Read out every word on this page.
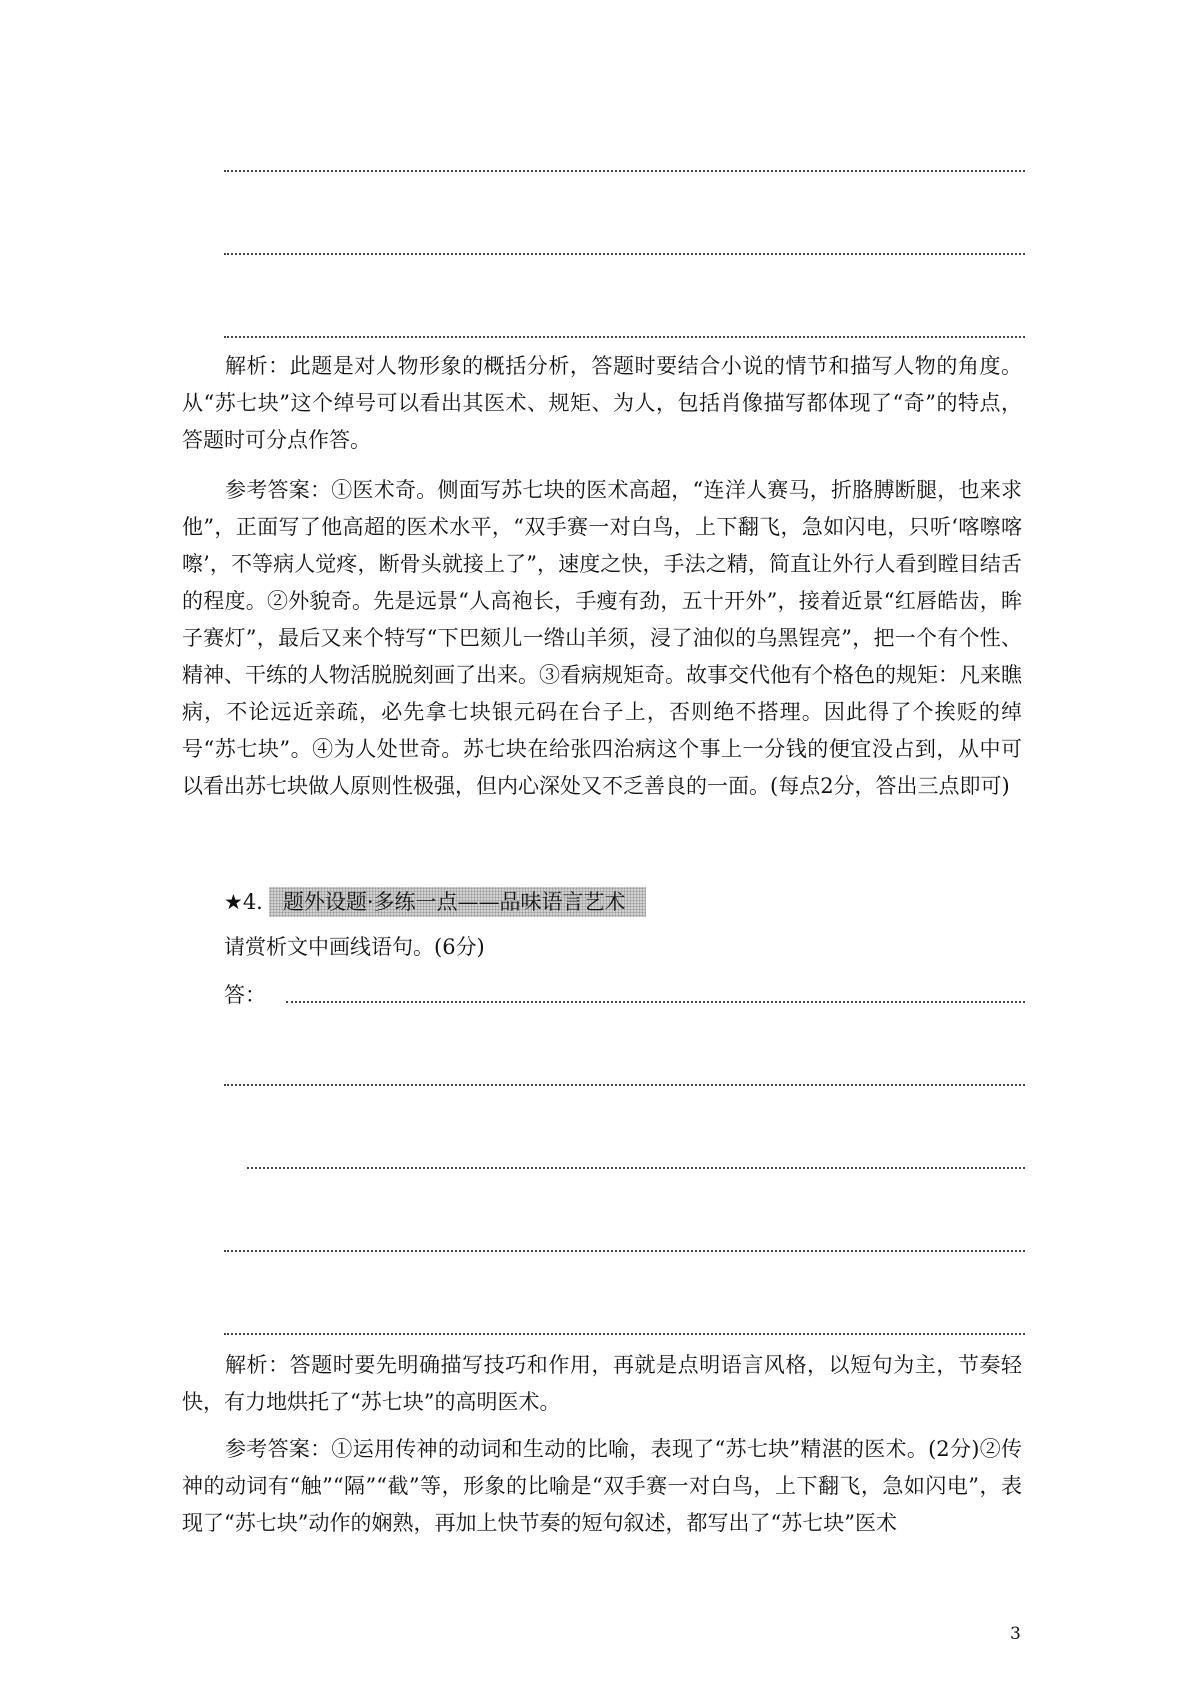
解析：此题是对人物形象的概括分析，答题时要结合小说的情节和描写人物的角度。从“苏七块”这个绰号可以看出其医术、规矩、为人，包括肖像描写都体现了“奇”的特点，答题时可分点作答。

参考答案：①医术奇。侧面写苏七块的医术高超，“连洋人赛马，折胳膊断腿，也来求他”，正面写了他高超的医术水平，“双手赛一对白鸟，上下翻飞，急如闪电，只听‘喀嚓喀嚓’，不等病人觉疼，断骨头就接上了”，速度之快，手法之精，简直让外行人看到瞠目结舌的程度。②外貌奇。先是远景“人高袍长，手瘦有劲，五十开外”，接着近景“红唇皓齿，眸子赛灯”，最后又来个特写“下巴颏儿一绺山羊须，浸了油似的乌黑锃亮”，把一个有个性、精神、干练的人物活脱脱刻画了出来。③看病规矩奇。故事交代他有个格色的规矩：凡来瞧病，不论远近亲疏，必先拿七块银元码在台子上，否则绝不搭理。因此得了个挨贬的绰号“苏七块”。④为人处世奇。苏七块在给张四治病这个事上一分钱的便宜没占到，从中可以看出苏七块做人原则性极强，但内心深处又不乏善良的一面。(每点2分，答出三点即可)

★4. 题外设题·多练一点——品味语言艺术
请赏析文中画线语句。(6分)
答：

解析：答题时要先明确描写技巧和作用，再就是点明语言风格，以短句为主，节奏轻快，有力地烘托了“苏七块”的高明医术。

参考答案：①运用传神的动词和生动的比喻，表现了“苏七块”精湛的医术。(2分)②传神的动词有“触”“隔”“截”等，形象的比喻是“双手赛一对白鸟，上下翻飞，急如闪电”，表现了“苏七块”动作的娴熟，再加上快节奏的短句叙述，都写出了“苏七块”医术

3
